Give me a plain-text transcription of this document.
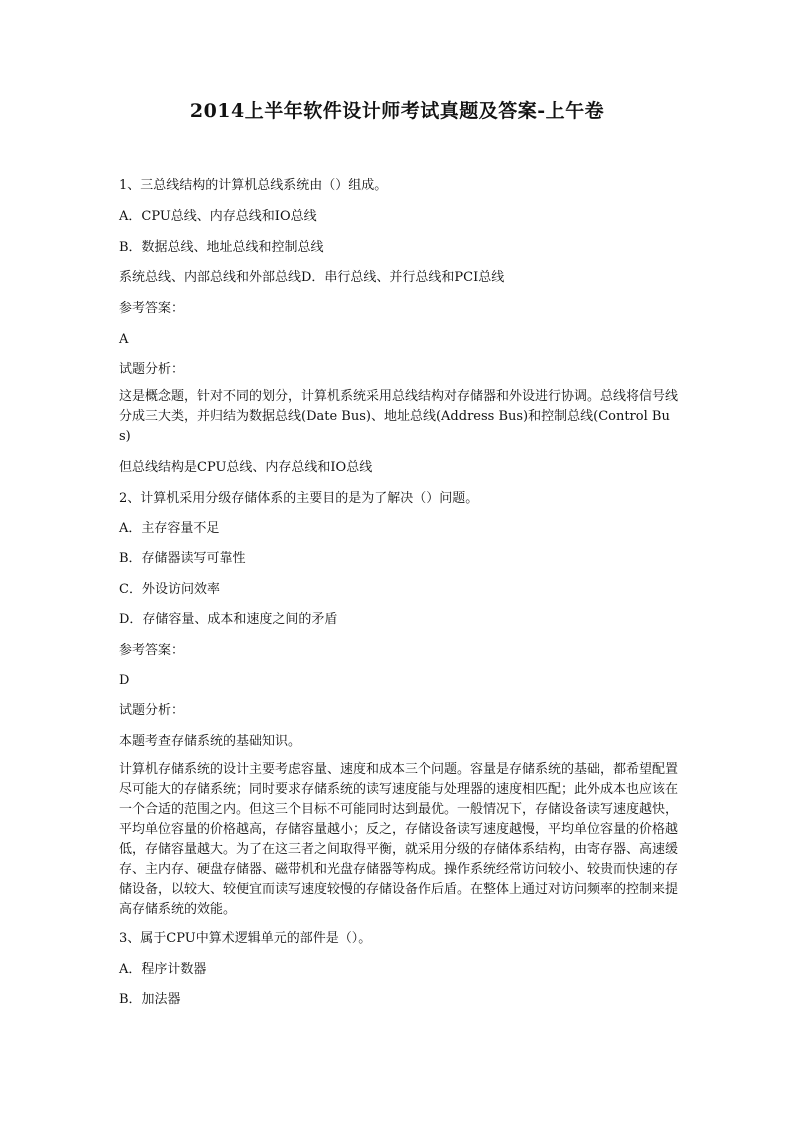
2014上半年软件设计师考试真题及答案-上午卷
1、三总线结构的计算机总线系统由（）组成。
A．CPU总线、内存总线和IO总线
B．数据总线、地址总线和控制总线
系统总线、内部总线和外部总线D．串行总线、并行总线和PCI总线
参考答案：
A
试题分析：
这是概念题，针对不同的划分，计算机系统采用总线结构对存储器和外设进行协调。总线将信号线分成三大类，并归结为数据总线(Date Bus)、地址总线(Address Bus)和控制总线(Control Bus)
但总线结构是CPU总线、内存总线和IO总线
2、计算机采用分级存储体系的主要目的是为了解决（）问题。
A．主存容量不足
B．存储器读写可靠性
C．外设访问效率
D．存储容量、成本和速度之间的矛盾
参考答案：
D
试题分析：
本题考查存储系统的基础知识。
计算机存储系统的设计主要考虑容量、速度和成本三个问题。容量是存储系统的基础，都希望配置尽可能大的存储系统；同时要求存储系统的读写速度能与处理器的速度相匹配；此外成本也应该在一个合适的范围之内。但这三个目标不可能同时达到最优。一般情况下，存储设备读写速度越快，平均单位容量的价格越高，存储容量越小；反之，存储设备读写速度越慢，平均单位容量的价格越低，存储容量越大。为了在这三者之间取得平衡，就采用分级的存储体系结构，由寄存器、高速缓存、主内存、硬盘存储器、磁带机和光盘存储器等构成。操作系统经常访问较小、较贵而快速的存储设备，以较大、较便宜而读写速度较慢的存储设备作后盾。在整体上通过对访问频率的控制来提高存储系统的效能。
3、属于CPU中算术逻辑单元的部件是（）。
A．程序计数器
B．加法器
